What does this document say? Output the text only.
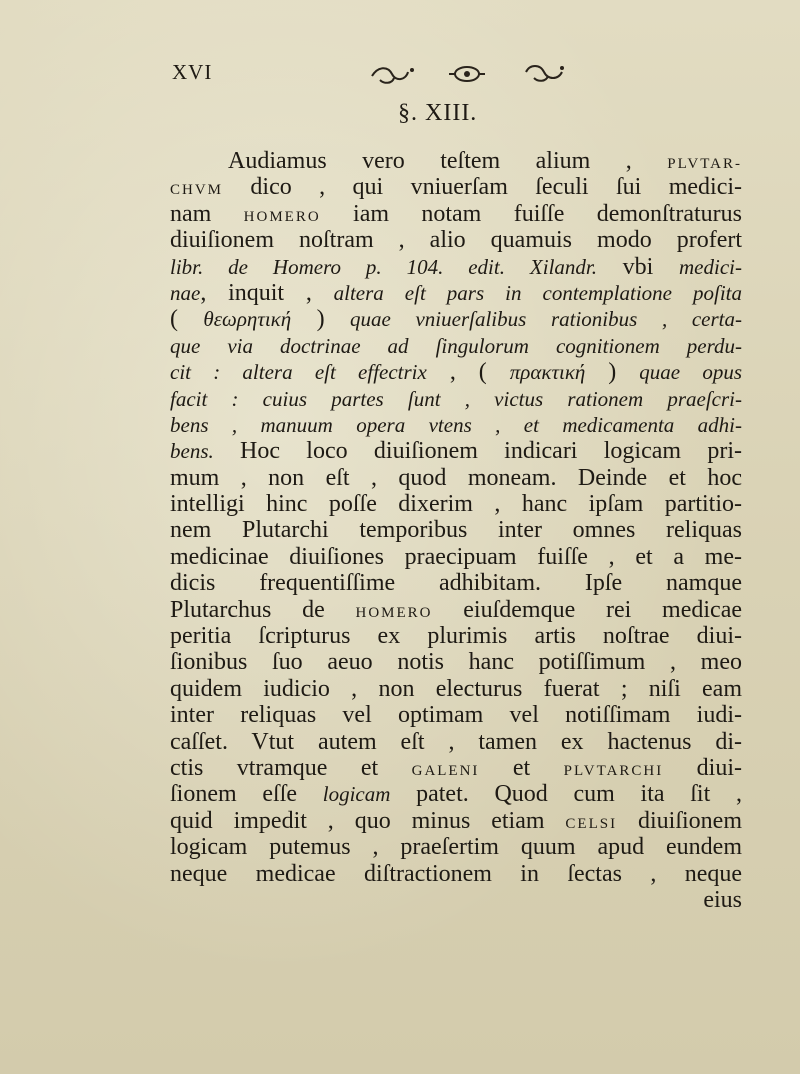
XVI
§. XIII.
Audiamus vero teſtem alium , PLVTAR-
CHVM dico , qui vniuerſam ſeculi ſui medici-
nam HOMERO iam notam fuiſſe demonſtraturus
diuiſionem noſtram , alio quamuis modo profert
libr. de Homero p. 104. edit. Xilandr. vbi medici-
nae, inquit , altera eſt pars in contemplatione poſita
( θεωρητική ) quae vniuerſalibus rationibus , certa-
que via doctrinae ad ſingulorum cognitionem perdu-
cit : altera eſt effectrix , ( πρακτική ) quae opus
facit : cuius partes ſunt , victus rationem praeſcri-
bens , manuum opera vtens , et medicamenta adhi-
bens. Hoc loco diuiſionem indicari logicam pri-
mum , non eſt , quod moneam. Deinde et hoc
intelligi hinc poſſe dixerim , hanc ipſam partitio-
nem Plutarchi temporibus inter omnes reliquas
medicinae diuiſiones praecipuam fuiſſe , et a me-
dicis frequentiſſime adhibitam. Ipſe namque
Plutarchus de HOMERO eiuſdemque rei medicae
peritia ſcripturus ex plurimis artis noſtrae diui-
ſionibus ſuo aeuo notis hanc potiſſimum , meo
quidem iudicio , non electurus fuerat ; niſi eam
inter reliquas vel optimam vel notiſſimam iudi-
caſſet. Vtut autem eſt , tamen ex hactenus di-
ctis vtramque et GALENI et PLVTARCHI diui-
ſionem eſſe logicam patet. Quod cum ita ſit ,
quid impedit , quo minus etiam CELSI diuiſionem
logicam putemus , praeſertim quum apud eundem
neque medicae diſtractionem in ſectas , neque
eius
